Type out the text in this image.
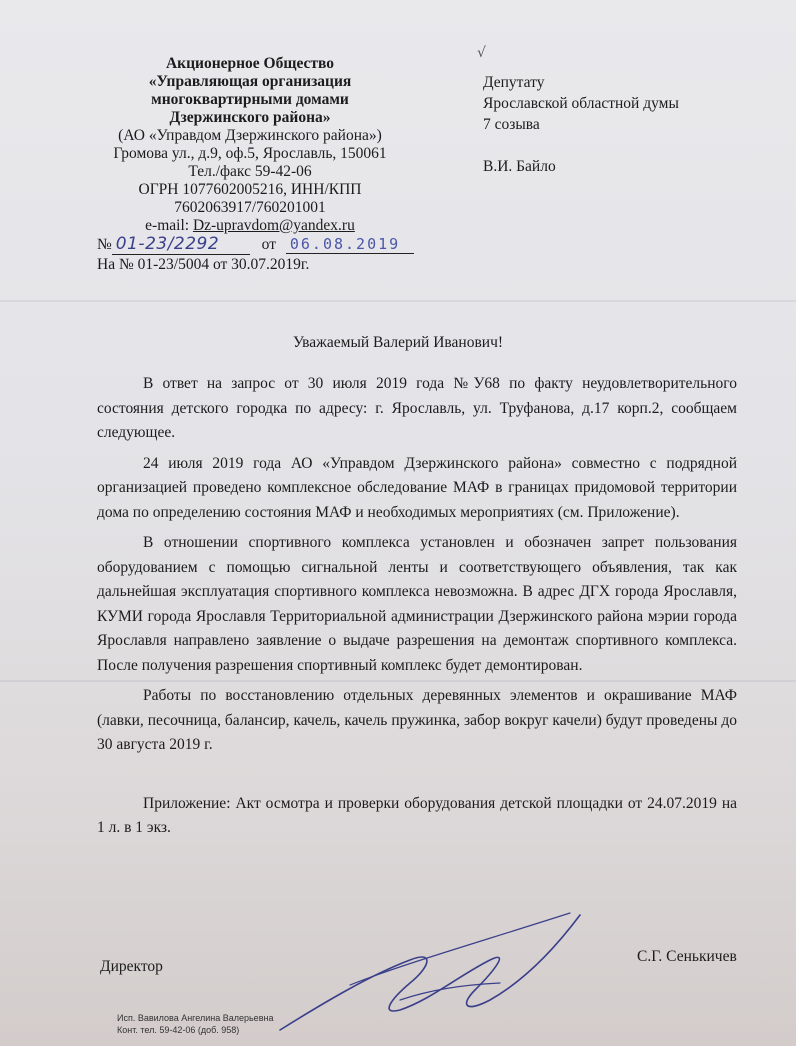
Акционерное Общество
«Управляющая организация
многоквартирными домами
Дзержинского района»
(АО «Управдом Дзержинского района»)
Громова ул., д.9, оф.5, Ярославль, 150061
Тел./факс 59-42-06
ОГРН 1077602005216, ИНН/КПП
7602063917/760201001
e-mail: Dz-upravdom@yandex.ru
№ 01-23/2292	от 06.08.2019
На № 01-23/5004 от 30.07.2019г.
√
Депутату
Ярославской областной думы
7 созыва
В.И. Байло
Уважаемый Валерий Иванович!

В ответ на запрос от 30 июля 2019 года №У68 по факту неудовлетворительного состояния детского городка по адресу: г. Ярославль, ул. Труфанова, д.17 корп.2, сообщаем следующее.

24 июля 2019 года АО «Управдом Дзержинского района» совместно с подрядной организацией проведено комплексное обследование МАФ в границах придомовой территории дома по определению состояния МАФ и необходимых мероприятиях (см. Приложение).

В отношении спортивного комплекса установлен и обозначен запрет пользования оборудованием с помощью сигнальной ленты и соответствующего объявления, так как дальнейшая эксплуатация спортивного комплекса невозможна. В адрес ДГХ города Ярославля, КУМИ города Ярославля Территориальной администрации Дзержинского района мэрии города Ярославля направлено заявление о выдаче разрешения на демонтаж спортивного комплекса. После получения разрешения спортивный комплекс будет демонтирован.

Работы по восстановлению отдельных деревянных элементов и окрашивание МАФ (лавки, песочница, балансир, качель, качель пружинка, забор вокруг качели) будут проведены до 30 августа 2019 г.

Приложение: Акт осмотра и проверки оборудования детской площадки от 24.07.2019 на 1 л. в 1 экз.

Директор
С.Г. Сенькичев
Исп. Вавилова Ангелина Валерьевна
Конт. тел. 59-42-06 (доб. 958)
